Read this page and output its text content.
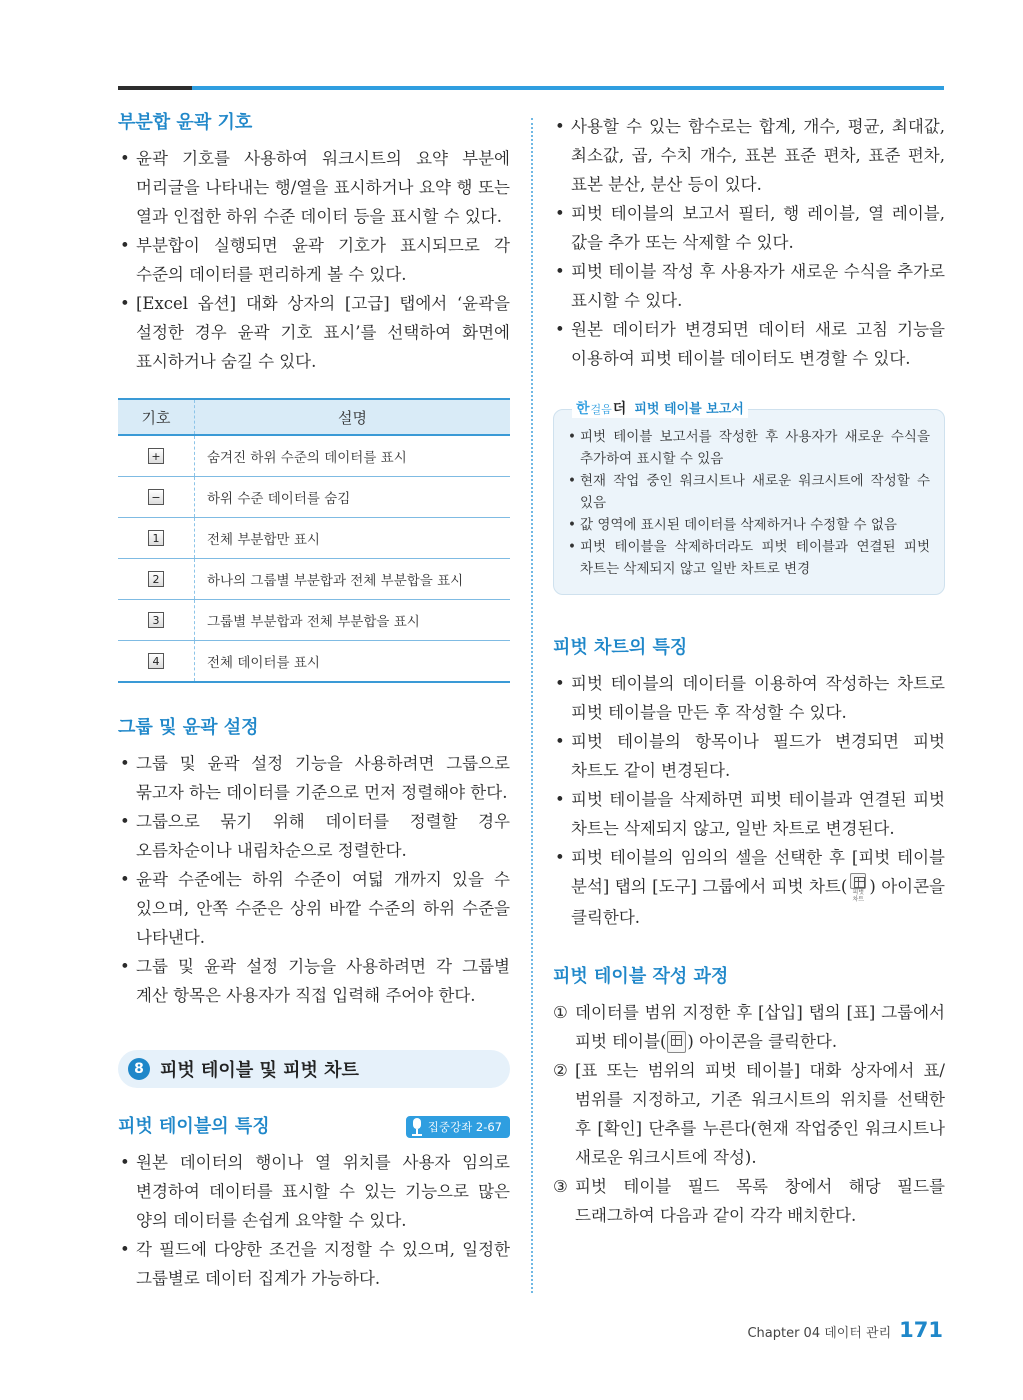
부분합 윤곽 기호
• 윤곽 기호를 사용하여 워크시트의 요약 부분에 머리글을 나타내는 행/열을 표시하거나 요약 행 또는 열과 인접한 하위 수준 데이터 등을 표시할 수 있다.
• 부분합이 실행되면 윤곽 기호가 표시되므로 각 수준의 데이터를 편리하게 볼 수 있다.
• [Excel 옵션] 대화 상자의 [고급] 탭에서 ‘윤곽을 설정한 경우 윤곽 기호 표시’를 선택하여 화면에 표시하거나 숨길 수 있다.
기호	설명
+	숨겨진 하위 수준의 데이터를 표시
−	하위 수준 데이터를 숨김
1	전체 부분합만 표시
2	하나의 그룹별 부분합과 전체 부분합을 표시
3	그룹별 부분합과 전체 부분합을 표시
4	전체 데이터를 표시
그룹 및 윤곽 설정
• 그룹 및 윤곽 설정 기능을 사용하려면 그룹으로 묶고자 하는 데이터를 기준으로 먼저 정렬해야 한다.
• 그룹으로 묶기 위해 데이터를 정렬할 경우 오름차순이나 내림차순으로 정렬한다.
• 윤곽 수준에는 하위 수준이 여덟 개까지 있을 수 있으며, 안쪽 수준은 상위 바깥 수준의 하위 수준을 나타낸다.
• 그룹 및 윤곽 설정 기능을 사용하려면 각 그룹별 계산 항목은 사용자가 직접 입력해 주어야 한다.
8 피벗 테이블 및 피벗 차트
피벗 테이블의 특징	집중강좌 2-67
• 원본 데이터의 행이나 열 위치를 사용자 임의로 변경하여 데이터를 표시할 수 있는 기능으로 많은 양의 데이터를 손쉽게 요약할 수 있다.
• 각 필드에 다양한 조건을 지정할 수 있으며, 일정한 그룹별로 데이터 집계가 가능하다.
• 사용할 수 있는 함수로는 합계, 개수, 평균, 최대값, 최소값, 곱, 수치 개수, 표본 표준 편차, 표준 편차, 표본 분산, 분산 등이 있다.
• 피벗 테이블의 보고서 필터, 행 레이블, 열 레이블, 값을 추가 또는 삭제할 수 있다.
• 피벗 테이블 작성 후 사용자가 새로운 수식을 추가로 표시할 수 있다.
• 원본 데이터가 변경되면 데이터 새로 고침 기능을 이용하여 피벗 테이블 데이터도 변경할 수 있다.
한 걸음 더 피벗 테이블 보고서
• 피벗 테이블 보고서를 작성한 후 사용자가 새로운 수식을 추가하여 표시할 수 있음
• 현재 작업 중인 워크시트나 새로운 워크시트에 작성할 수 있음
• 값 영역에 표시된 데이터를 삭제하거나 수정할 수 없음
• 피벗 테이블을 삭제하더라도 피벗 테이블과 연결된 피벗 차트는 삭제되지 않고 일반 차트로 변경
피벗 차트의 특징
• 피벗 테이블의 데이터를 이용하여 작성하는 차트로 피벗 테이블을 만든 후 작성할 수 있다.
• 피벗 테이블의 항목이나 필드가 변경되면 피벗 차트도 같이 변경된다.
• 피벗 테이블을 삭제하면 피벗 테이블과 연결된 피벗 차트는 삭제되지 않고, 일반 차트로 변경된다.
• 피벗 테이블의 임의의 셀을 선택한 후 [피벗 테이블 분석] 탭의 [도구] 그룹에서 피벗 차트( 피벗
차트
) 아이콘을 클릭한다.
피벗 테이블 작성 과정
① 데이터를 범위 지정한 후 [삽입] 탭의 [표] 그룹에서 피벗 테이블( ) 아이콘을 클릭한다.
② [표 또는 범위의 피벗 테이블] 대화 상자에서 표/범위를 지정하고, 기존 워크시트의 위치를 선택한 후 [확인] 단추를 누른다(현재 작업중인 워크시트나 새로운 워크시트에 작성).
③ 피벗 테이블 필드 목록 창에서 해당 필드를 드래그하여 다음과 같이 각각 배치한다.
Chapter 04 데이터 관리 171
